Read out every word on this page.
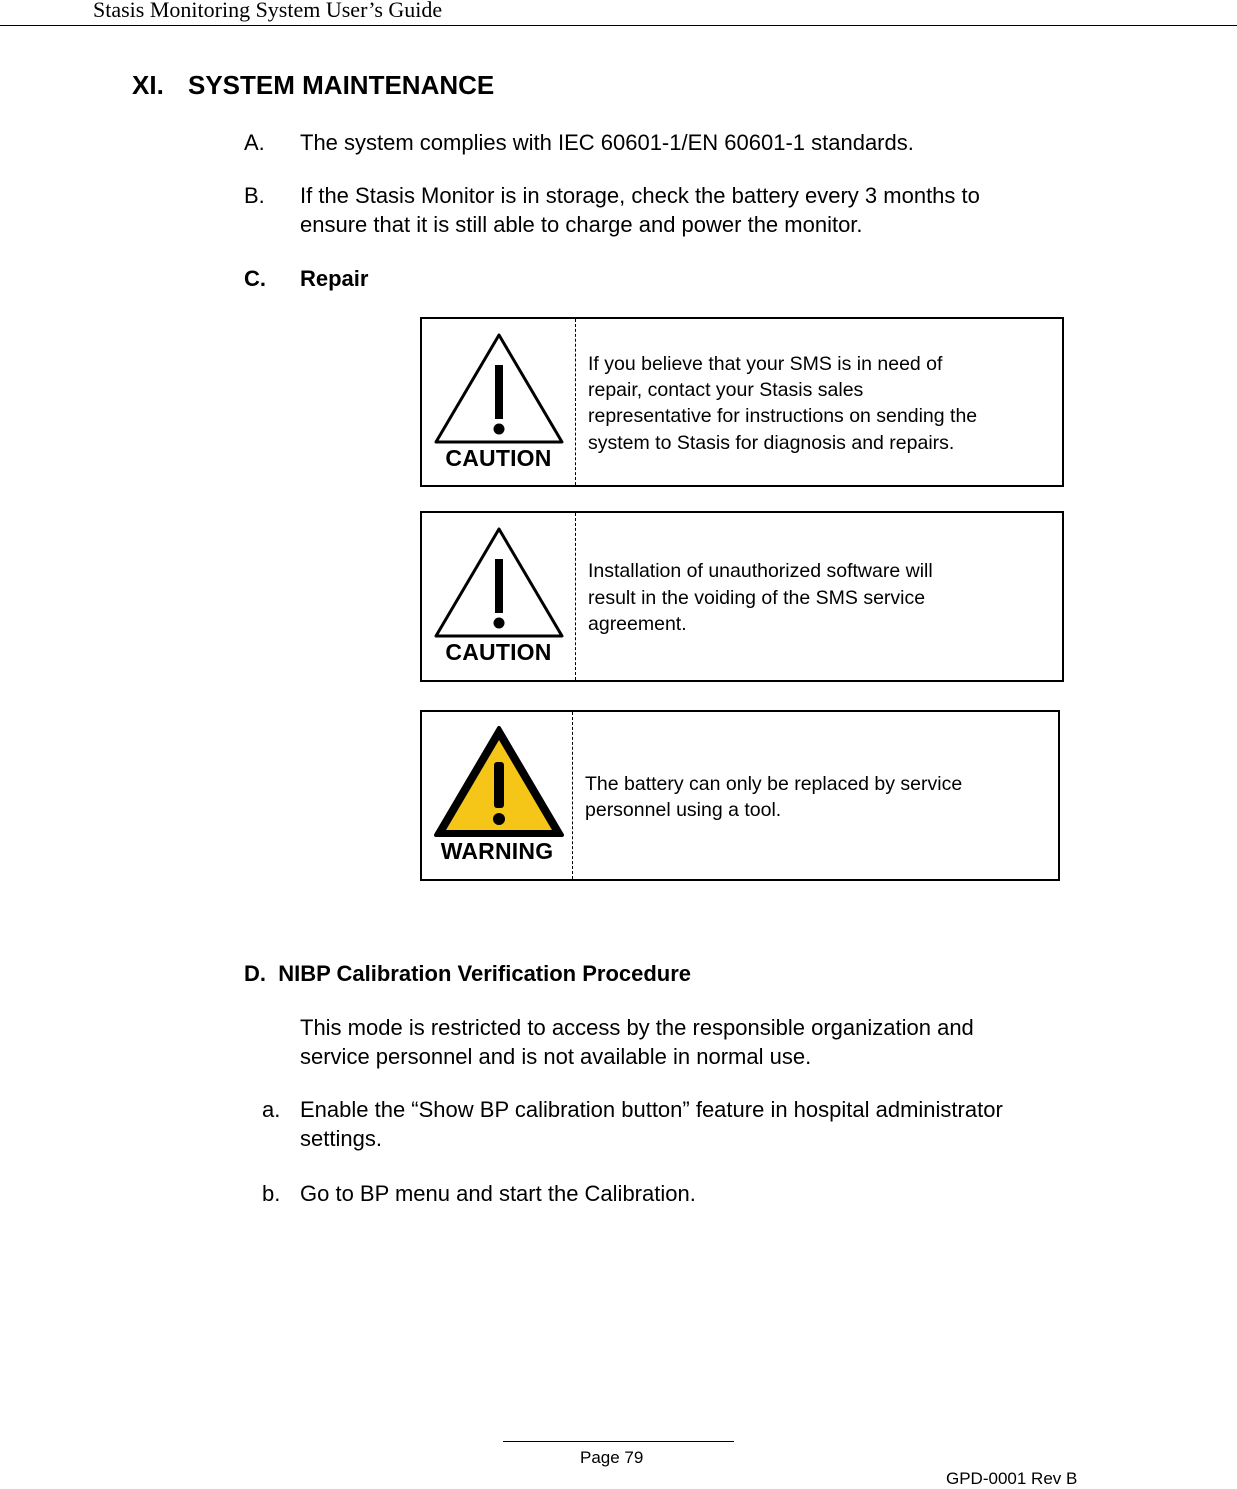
Stasis Monitoring System User’s Guide
XI. SYSTEM MAINTENANCE
A. The system complies with IEC 60601-1/EN 60601-1 standards.
B. If the Stasis Monitor is in storage, check the battery every 3 months to
ensure that it is still able to charge and power the monitor.
C. Repair
CAUTION
If you believe that your SMS is in need of
repair, contact your Stasis sales
representative for instructions on sending the
system to Stasis for diagnosis and repairs.
CAUTION
Installation of unauthorized software will
result in the voiding of the SMS service
agreement.
WARNING
The battery can only be replaced by service
personnel using a tool.
D. NIBP Calibration Verification Procedure
This mode is restricted to access by the responsible organization and
service personnel and is not available in normal use.
a. Enable the “Show BP calibration button” feature in hospital administrator
settings.
b. Go to BP menu and start the Calibration.
Page 79
GPD-0001 Rev B
